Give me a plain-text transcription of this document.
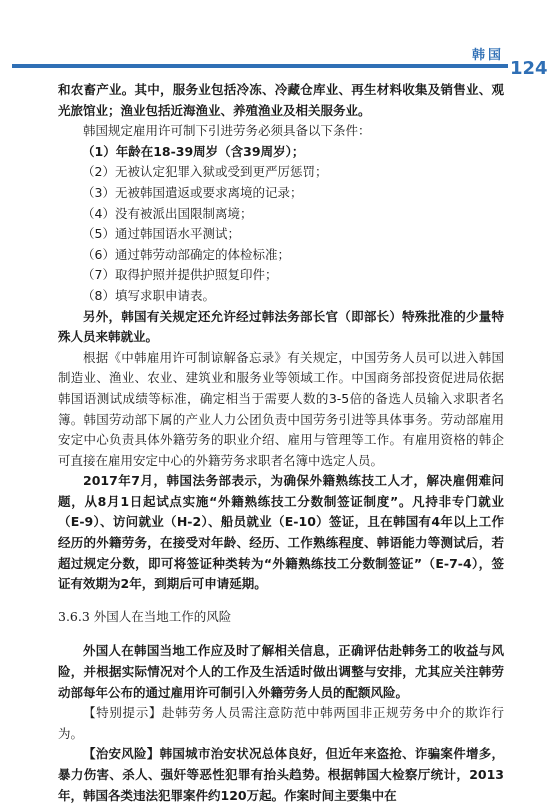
韩国
124

和农畜产业。其中，服务业包括冷冻、冷藏仓库业、再生材料收集及销售业、观光旅馆业；渔业包括近海渔业、养殖渔业及相关服务业。

韩国规定雇用许可制下引进劳务必须具备以下条件：

（1）年龄在18-39周岁（含39周岁）；

（2）无被认定犯罪入狱或受到更严厉惩罚；

（3）无被韩国遣返或要求离境的记录；

（4）没有被派出国限制离境；

（5）通过韩国语水平测试；

（6）通过韩劳动部确定的体检标准；

（7）取得护照并提供护照复印件；

（8）填写求职申请表。

另外，韩国有关规定还允许经过韩法务部长官（即部长）特殊批准的少量特殊人员来韩就业。

根据《中韩雇用许可制谅解备忘录》有关规定，中国劳务人员可以进入韩国制造业、渔业、农业、建筑业和服务业等领域工作。中国商务部投资促进局依据韩国语测试成绩等标准，确定相当于需要人数的3-5倍的备选人员输入求职者名簿。韩国劳动部下属的产业人力公团负责中国劳务引进等具体事务。劳动部雇用安定中心负责具体外籍劳务的职业介绍、雇用与管理等工作。有雇用资格的韩企可直接在雇用安定中心的外籍劳务求职者名簿中选定人员。

2017年7月，韩国法务部表示，为确保外籍熟练技工人才，解决雇佣难问题，从8月1日起试点实施“外籍熟练技工分数制签证制度”。凡持非专门就业（E-9）、访问就业（H-2）、船员就业（E-10）签证，且在韩国有4年以上工作经历的外籍劳务，在接受对年龄、经历、工作熟练程度、韩语能力等测试后，若超过规定分数，即可将签证种类转为“外籍熟练技工分数制签证”（E-7-4），签证有效期为2年，到期后可申请延期。

3.6.3 外国人在当地工作的风险

外国人在韩国当地工作应及时了解相关信息，正确评估赴韩务工的收益与风险，并根据实际情况对个人的工作及生活适时做出调整与安排，尤其应关注韩劳动部每年公布的通过雇用许可制引入外籍劳务人员的配额风险。

【特别提示】赴韩劳务人员需注意防范中韩两国非正规劳务中介的欺诈行为。

【治安风险】韩国城市治安状况总体良好，但近年来盗抢、诈骗案件增多，暴力伤害、杀人、强奸等恶性犯罪有抬头趋势。根据韩国大检察厅统计，2013年，韩国各类违法犯罪案件约120万起。作案时间主要集中在
